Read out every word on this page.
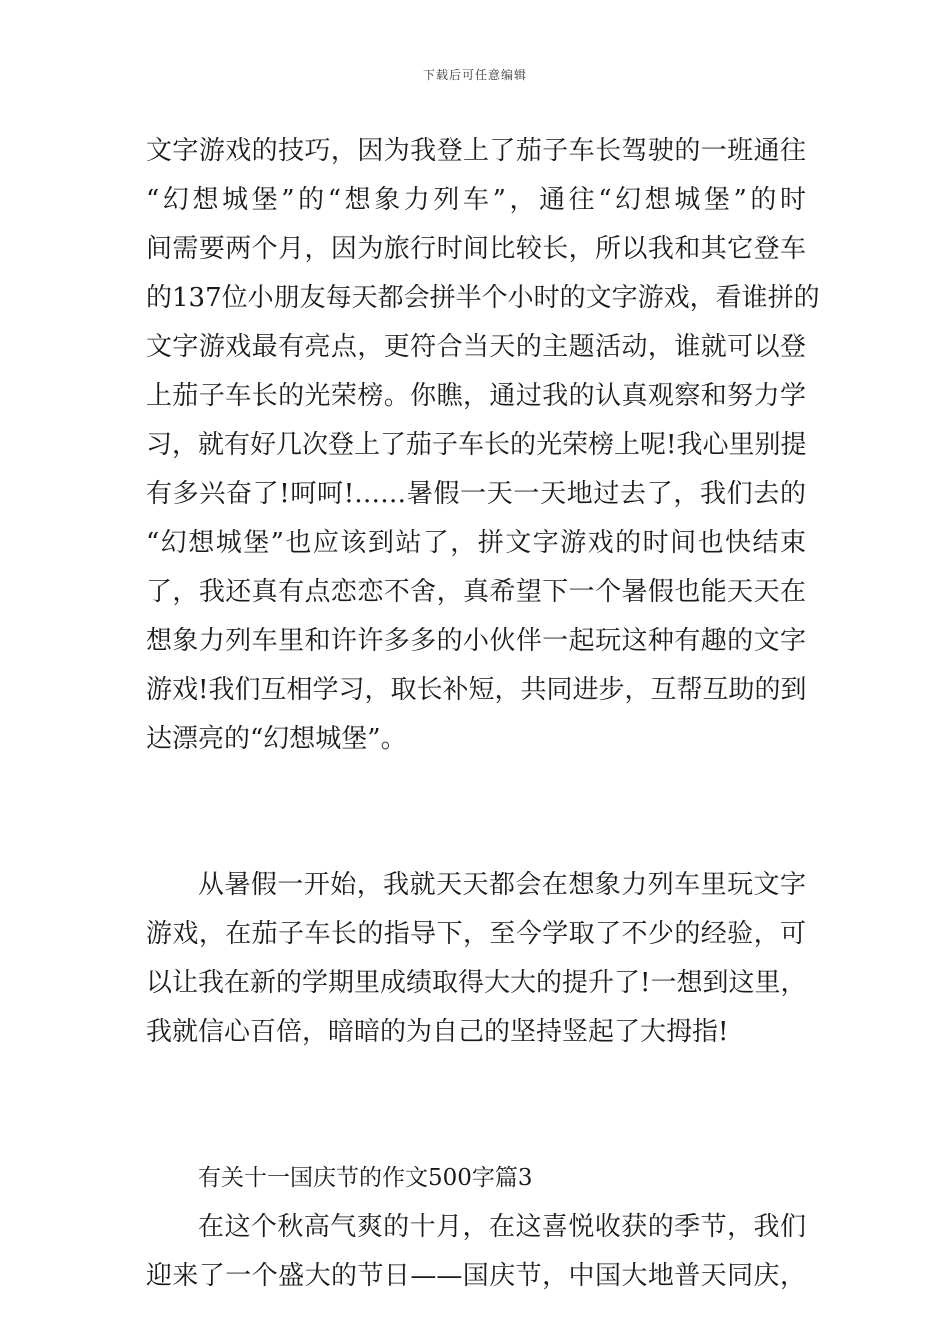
下载后可任意编辑
文字游戏的技巧，因为我登上了茄子车长驾驶的一班通往
“幻想城堡”的“想象力列车”，通往“幻想城堡”的时
间需要两个月，因为旅行时间比较长，所以我和其它登车
的137位小朋友每天都会拼半个小时的文字游戏，看谁拼的
文字游戏最有亮点，更符合当天的主题活动，谁就可以登
上茄子车长的光荣榜。你瞧，通过我的认真观察和努力学
习，就有好几次登上了茄子车长的光荣榜上呢!我心里别提
有多兴奋了!呵呵!……暑假一天一天地过去了，我们去的
“幻想城堡”也应该到站了，拼文字游戏的时间也快结束
了，我还真有点恋恋不舍，真希望下一个暑假也能天天在
想象力列车里和许许多多的小伙伴一起玩这种有趣的文字
游戏!我们互相学习，取长补短，共同进步，互帮互助的到
达漂亮的“幻想城堡”。
从暑假一开始，我就天天都会在想象力列车里玩文字
游戏，在茄子车长的指导下，至今学取了不少的经验，可
以让我在新的学期里成绩取得大大的提升了!一想到这里，
我就信心百倍，暗暗的为自己的坚持竖起了大拇指!
有关十一国庆节的作文500字篇3
在这个秋高气爽的十月，在这喜悦收获的季节，我们
迎来了一个盛大的节日——国庆节，中国大地普天同庆，
